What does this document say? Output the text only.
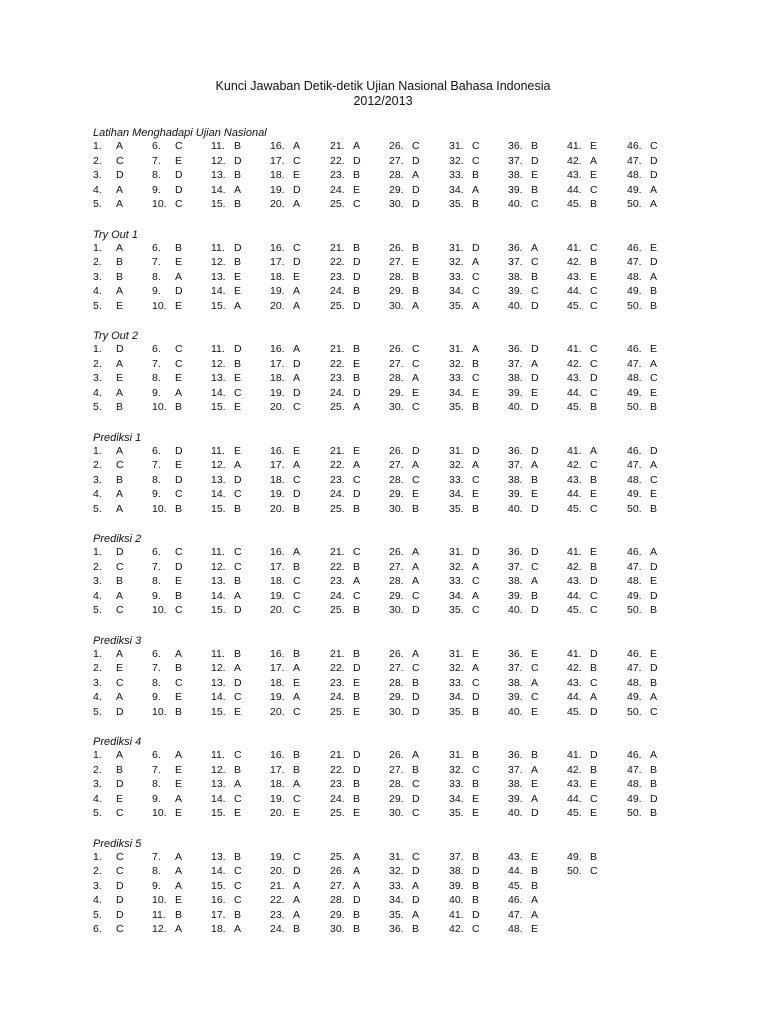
Kunci Jawaban Detik-detik Ujian Nasional Bahasa Indonesia
2012/2013
Latihan Menghadapi Ujian Nasional
1. A	6. C	11. B	16. A	21. A	26. C	31. C	36. B	41. E	46. C
2. C	7. E	12. D	17. C	22. D	27. D	32. C	37. D	42. A	47. D
3. D	8. D	13. B	18. E	23. B	28. A	33. B	38. E	43. E	48. D
4. A	9. D	14. A	19. D	24. E	29. D	34. A	39. B	44. C	49. A
5. A	10. C	15. B	20. A	25. C	30. D	35. B	40. C	45. B	50. A
Try Out 1
1. A	6. B	11. D	16. C	21. B	26. B	31. D	36. A	41. C	46. E
2. B	7. E	12. B	17. D	22. D	27. E	32. A	37. C	42. B	47. D
3. B	8. A	13. E	18. E	23. D	28. B	33. C	38. B	43. E	48. A
4. A	9. D	14. E	19. A	24. B	29. B	34. C	39. C	44. C	49. B
5. E	10. E	15. A	20. A	25. D	30. A	35. A	40. D	45. C	50. B
Try Out 2
1. D	6. C	11. D	16. A	21. B	26. C	31. A	36. D	41. C	46. E
2. A	7. C	12. B	17. D	22. E	27. C	32. B	37. A	42. C	47. A
3. E	8. E	13. E	18. A	23. B	28. A	33. C	38. D	43. D	48. C
4. A	9. A	14. C	19. D	24. D	29. E	34. E	39. E	44. C	49. E
5. B	10. B	15. E	20. C	25. A	30. C	35. B	40. D	45. B	50. B
Prediksi 1
1. A	6. D	11. E	16. E	21. E	26. D	31. D	36. D	41. A	46. D
2. C	7. E	12. A	17. A	22. A	27. A	32. A	37. A	42. C	47. A
3. B	8. D	13. D	18. C	23. C	28. C	33. C	38. B	43. B	48. C
4. A	9. C	14. C	19. D	24. D	29. E	34. E	39. E	44. E	49. E
5. A	10. B	15. B	20. B	25. B	30. B	35. B	40. D	45. C	50. B
Prediksi 2
1. D	6. C	11. C	16. A	21. C	26. A	31. D	36. D	41. E	46. A
2. C	7. D	12. C	17. B	22. B	27. A	32. A	37. C	42. B	47. D
3. B	8. E	13. B	18. C	23. A	28. A	33. C	38. A	43. D	48. E
4. A	9. B	14. A	19. C	24. C	29. C	34. A	39. B	44. C	49. D
5. C	10. C	15. D	20. C	25. B	30. D	35. C	40. D	45. C	50. B
Prediksi 3
1. A	6. A	11. B	16. B	21. B	26. A	31. E	36. E	41. D	46. E
2. E	7. B	12. A	17. A	22. D	27. C	32. A	37. C	42. B	47. D
3. C	8. C	13. D	18. E	23. E	28. B	33. C	38. A	43. C	48. B
4. A	9. E	14. C	19. A	24. B	29. D	34. D	39. C	44. A	49. A
5. D	10. B	15. E	20. C	25. E	30. D	35. B	40. E	45. D	50. C
Prediksi 4
1. A	6. A	11. C	16. B	21. D	26. A	31. B	36. B	41. D	46. A
2. B	7. E	12. B	17. B	22. D	27. B	32. C	37. A	42. B	47. B
3. D	8. E	13. A	18. A	23. B	28. C	33. B	38. E	43. E	48. B
4. E	9. A	14. C	19. C	24. B	29. D	34. E	39. A	44. C	49. D
5. C	10. E	15. E	20. E	25. E	30. C	35. E	40. D	45. E	50. B
Prediksi 5
1. C	7. A	13. B	19. C	25. A	31. C	37. B	43. E	49. B
2. C	8. A	14. C	20. D	26. A	32. D	38. D	44. B	50. C
3. D	9. A	15. C	21. A	27. A	33. A	39. B	45. B
4. D	10. E	16. C	22. A	28. D	34. D	40. B	46. A
5. D	11. B	17. B	23. A	29. B	35. A	41. D	47. A
6. C	12. A	18. A	24. B	30. B	36. B	42. C	48. E
